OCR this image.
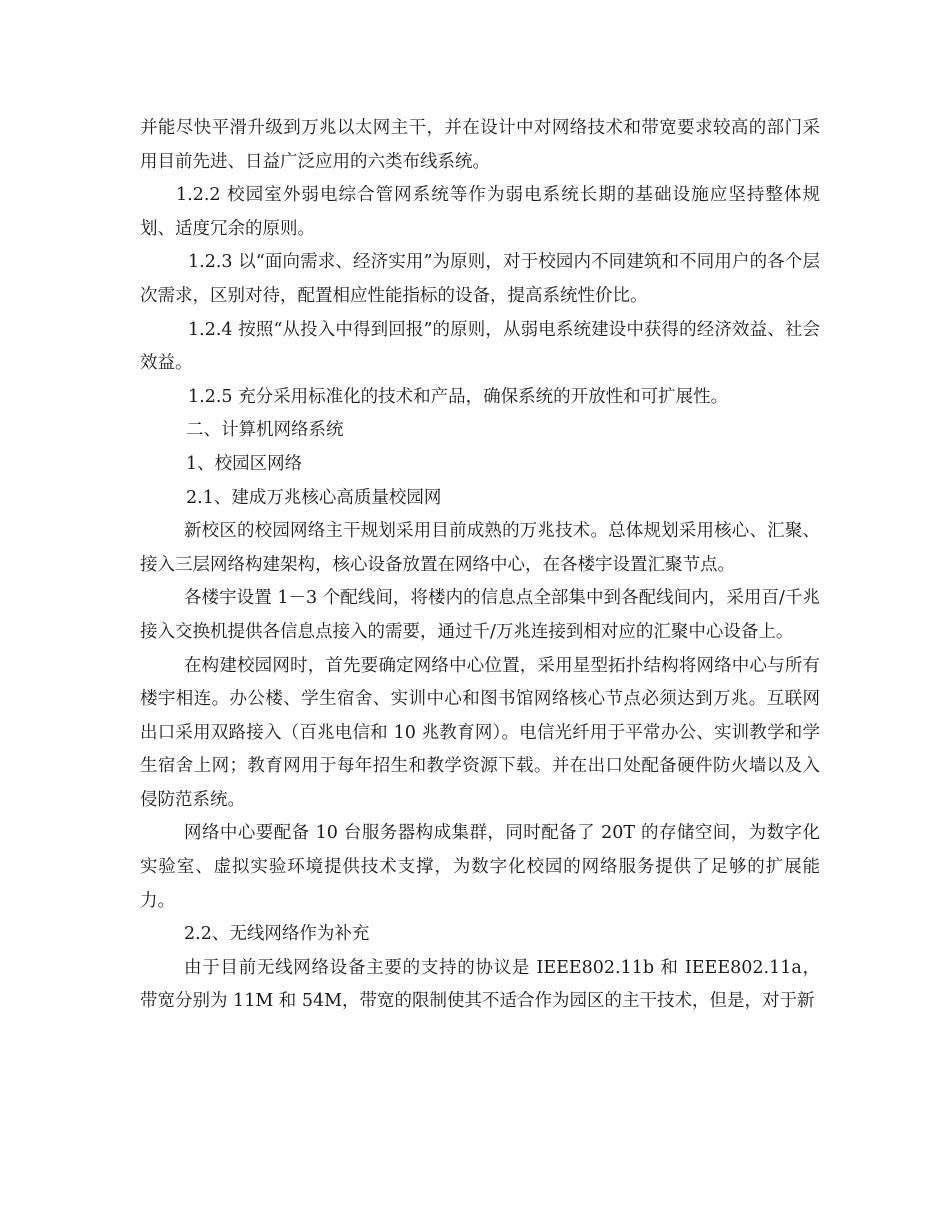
并能尽快平滑升级到万兆以太网主干，并在设计中对网络技术和带宽要求较高的部门采用目前先进、日益广泛应用的六类布线系统。

1.2.2 校园室外弱电综合管网系统等作为弱电系统长期的基础设施应坚持整体规划、适度冗余的原则。

1.2.3 以“面向需求、经济实用”为原则，对于校园内不同建筑和不同用户的各个层次需求，区别对待，配置相应性能指标的设备，提高系统性价比。

1.2.4 按照“从投入中得到回报”的原则，从弱电系统建设中获得的经济效益、社会效益。

1.2.5 充分采用标准化的技术和产品，确保系统的开放性和可扩展性。

二、计算机网络系统

1、校园区网络

2.1、建成万兆核心高质量校园网

新校区的校园网络主干规划采用目前成熟的万兆技术。总体规划采用核心、汇聚、接入三层网络构建架构，核心设备放置在网络中心，在各楼宇设置汇聚节点。

各楼宇设置 1－3 个配线间，将楼内的信息点全部集中到各配线间内，采用百/千兆接入交换机提供各信息点接入的需要，通过千/万兆连接到相对应的汇聚中心设备上。

在构建校园网时，首先要确定网络中心位置，采用星型拓扑结构将网络中心与所有楼宇相连。办公楼、学生宿舍、实训中心和图书馆网络核心节点必须达到万兆。互联网出口采用双路接入（百兆电信和 10 兆教育网）。电信光纤用于平常办公、实训教学和学生宿舍上网；教育网用于每年招生和教学资源下载。并在出口处配备硬件防火墙以及入侵防范系统。

网络中心要配备 10 台服务器构成集群，同时配备了 20T 的存储空间，为数字化实验室、虚拟实验环境提供技术支撑，为数字化校园的网络服务提供了足够的扩展能力。

2.2、无线网络作为补充

由于目前无线网络设备主要的支持的协议是 IEEE802.11b 和 IEEE802.11a，带宽分别为 11M 和 54M，带宽的限制使其不适合作为园区的主干技术，但是，对于新
